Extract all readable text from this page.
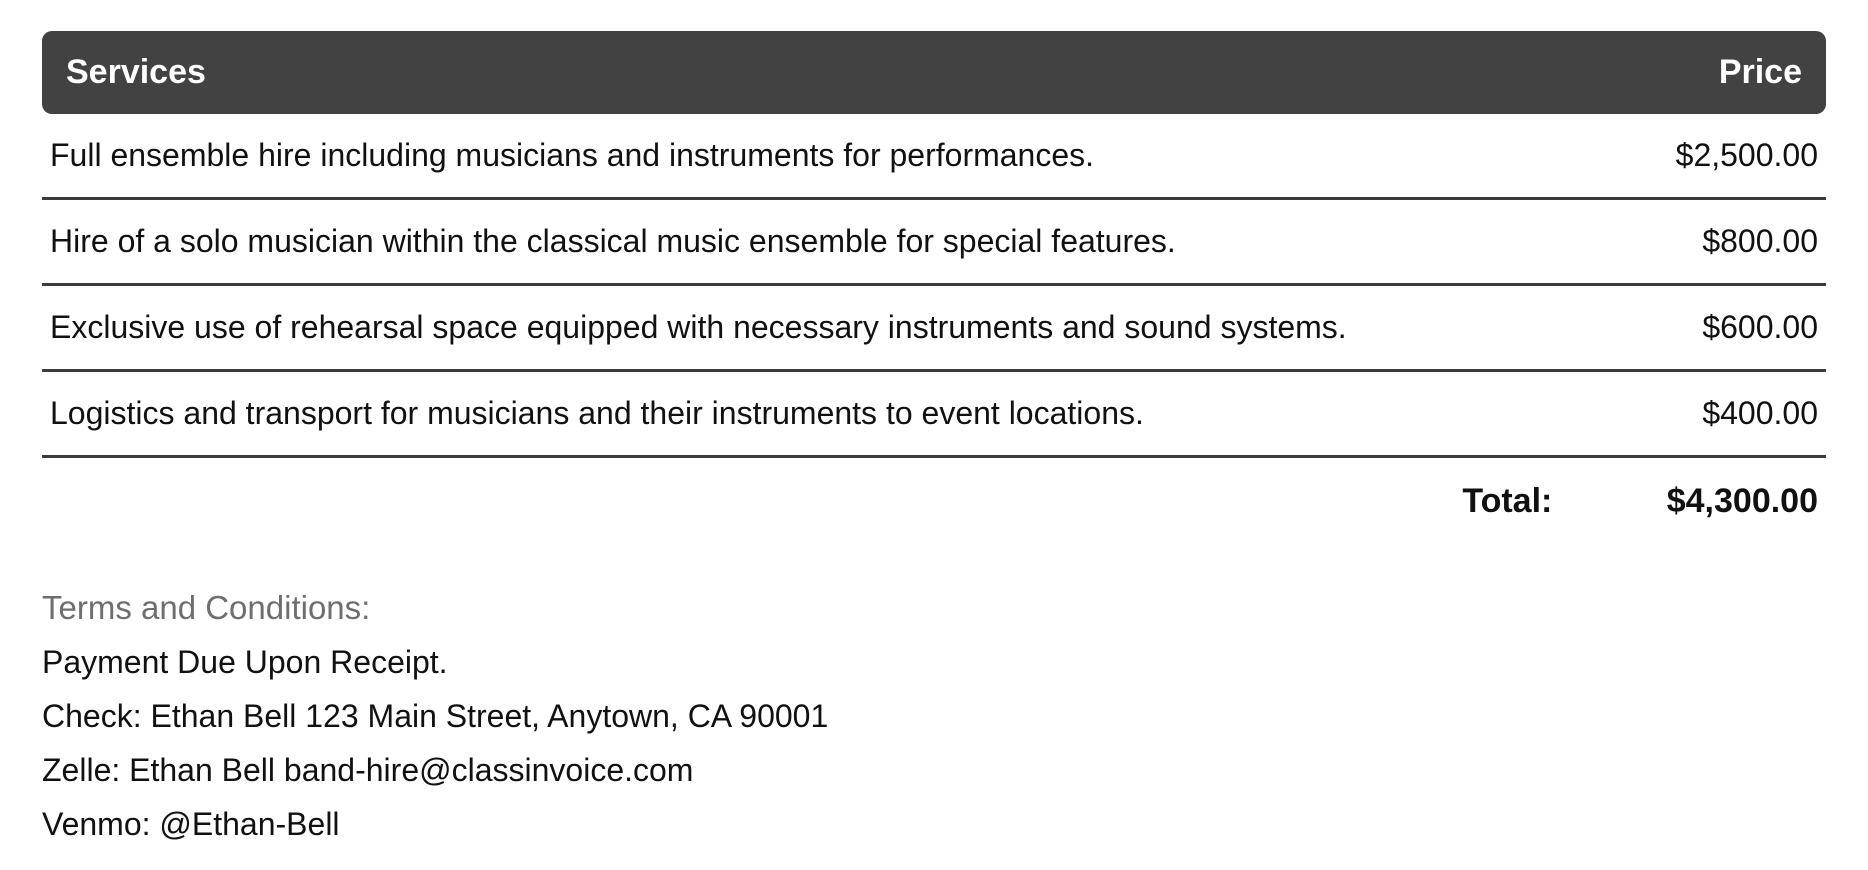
Services	Price
Full ensemble hire including musicians and instruments for performances.	$2,500.00
Hire of a solo musician within the classical music ensemble for special features.	$800.00
Exclusive use of rehearsal space equipped with necessary instruments and sound systems.	$600.00
Logistics and transport for musicians and their instruments to event locations.	$400.00
Total:	$4,300.00
Terms and Conditions:
Payment Due Upon Receipt.
Check: Ethan Bell 123 Main Street, Anytown, CA 90001
Zelle: Ethan Bell band-hire@classinvoice.com
Venmo: @Ethan-Bell
